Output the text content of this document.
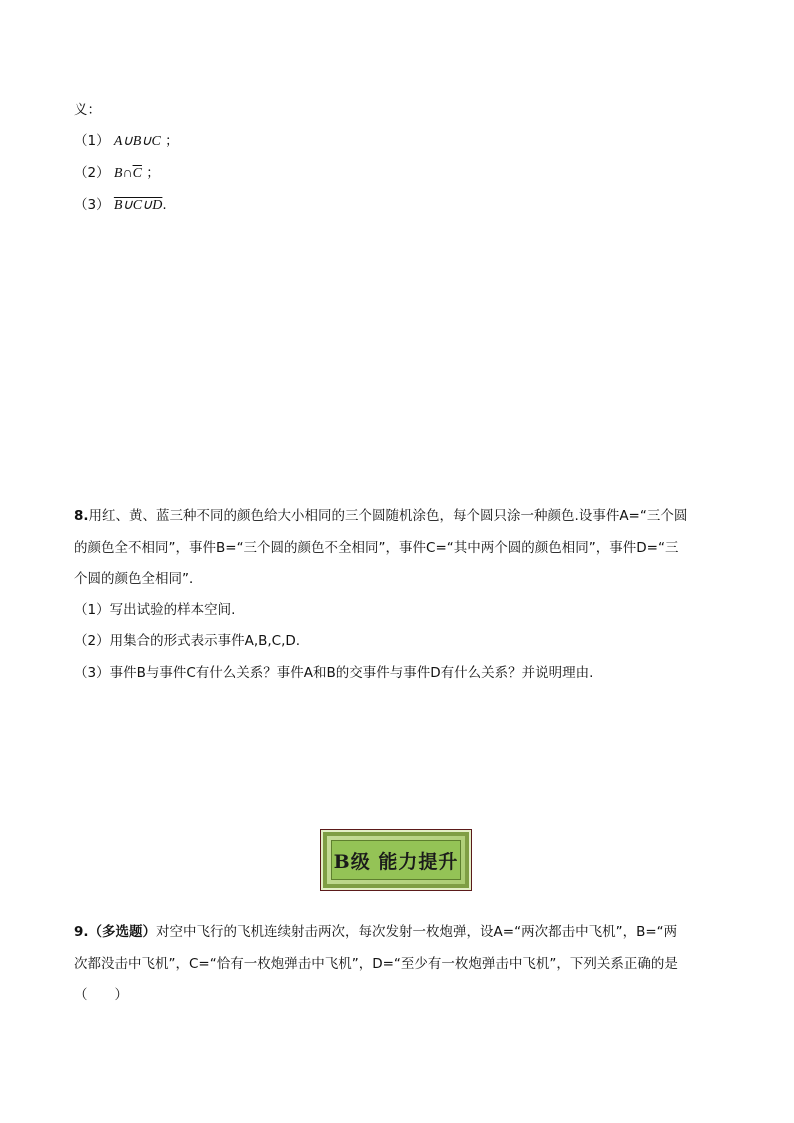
义：
（1） A∪B∪C ；
（2） $B\cap\overline{C}$ ；
（3） B∪C∪D.
8.用红、黄、蓝三种不同的颜色给大小相同的三个圆随机涂色，每个圆只涂一种颜色.设事件A=“三个圆
的颜色全不相同”，事件B=“三个圆的颜色不全相同”，事件C=“其中两个圆的颜色相同”，事件D=“三
个圆的颜色全相同”．
（1）写出试验的样本空间.
（2）用集合的形式表示事件A,B,C,D.
（3）事件B与事件C有什么关系？事件A和B的交事件与事件D有什么关系？并说明理由.
B级 能力提升
9.（多选题）对空中飞行的飞机连续射击两次，每次发射一枚炮弹，设A=“两次都击中飞机”，B=“两
次都没击中飞机”，C=“恰有一枚炮弹击中飞机”，D=“至少有一枚炮弹击中飞机”，下列关系正确的是
（　　）
